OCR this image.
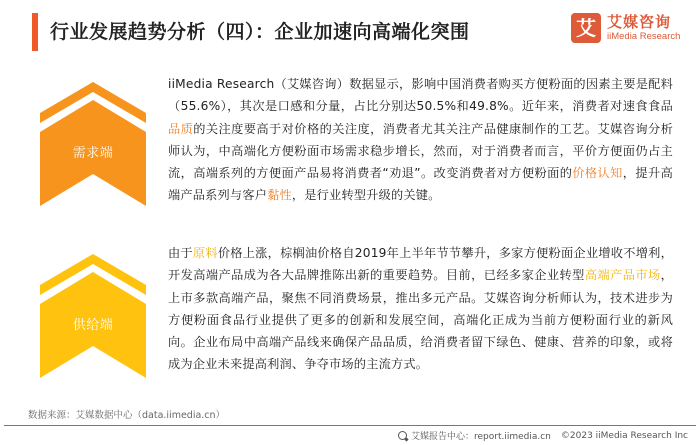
行业发展趋势分析（四）：企业加速向高端化突围	艾 艾媒咨询
iiMedia Research
需求端
供给端
iiMedia Research（艾媒咨询）数据显示，影响中国消费者购买方便粉面的因素主要是配料（55.6%），其次是口感和分量，占比分别达50.5%和49.8%。近年来，消费者对速食食品品质的关注度要高于对价格的关注度，消费者尤其关注产品健康制作的工艺。艾媒咨询分析师认为，中高端化方便粉面市场需求稳步增长，然而，对于消费者而言，平价方便面仍占主流，高端系列的方便面产品易将消费者“劝退”。改变消费者对方便粉面的价格认知，提升高端产品系列与客户黏性，是行业转型升级的关键。
由于原料价格上涨，棕榈油价格自2019年上半年节节攀升，多家方便粉面企业增收不增利，开发高端产品成为各大品牌推陈出新的重要趋势。目前，已经多家企业转型高端产品市场，上市多款高端产品，聚焦不同消费场景，推出多元产品。艾媒咨询分析师认为，技术进步为方便粉面食品行业提供了更多的创新和发展空间，高端化正成为当前方便粉面行业的新风向。企业布局中高端产品线来确保产品品质，给消费者留下绿色、健康、营养的印象，或将成为企业未来提高利润、争夺市场的主流方式。
数据来源：艾媒数据中心（data.iimedia.cn）
艾媒报告中心：report.iimedia.cn ©2023 iiMedia Research Inc
